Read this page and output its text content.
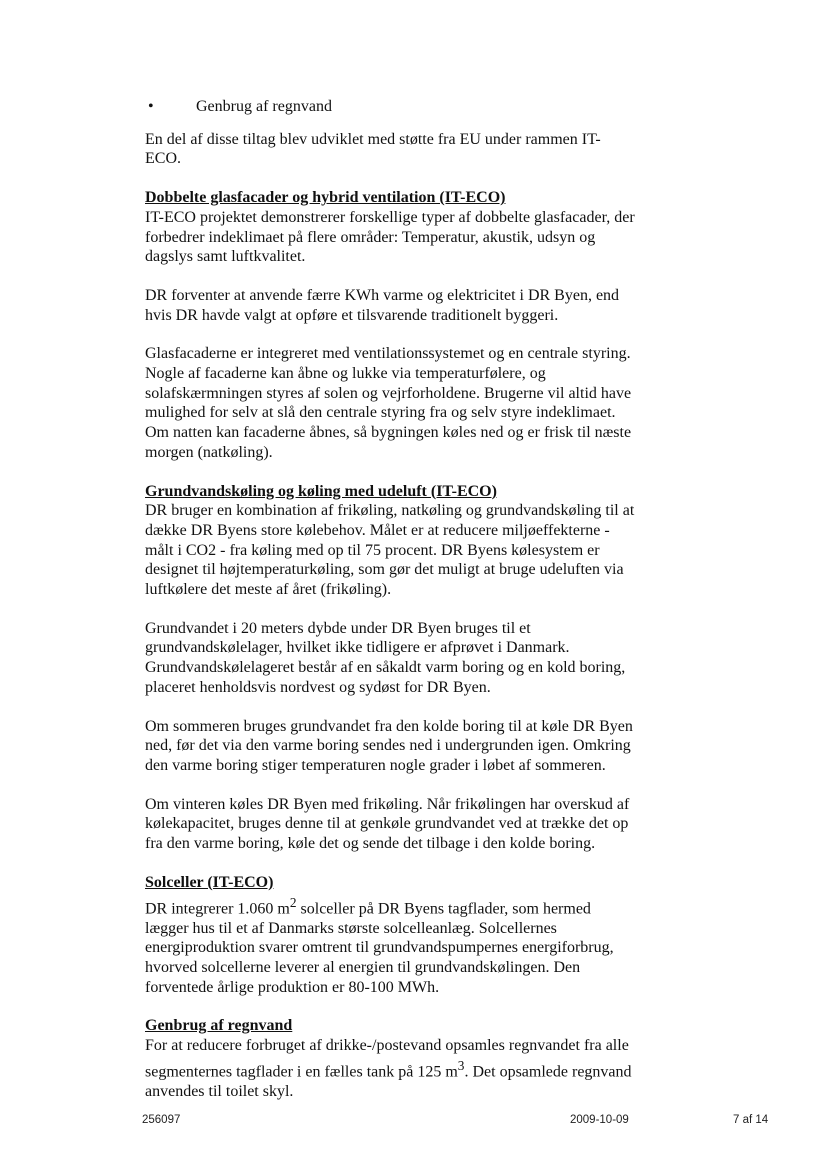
•	Genbrug af regnvand

En del af disse tiltag blev udviklet med støtte fra EU under rammen IT-ECO.

Dobbelte glasfacader og hybrid ventilation (IT-ECO)

IT-ECO projektet demonstrerer forskellige typer af dobbelte glasfacader, der forbedrer indeklimaet på flere områder: Temperatur, akustik, udsyn og dagslys samt luftkvalitet.

DR forventer at anvende færre KWh varme og elektricitet i DR Byen, end hvis DR havde valgt at opføre et tilsvarende traditionelt byggeri.

Glasfacaderne er integreret med ventilationssystemet og en centrale styring. Nogle af facaderne kan åbne og lukke via temperaturfølere, og solafskærmningen styres af solen og vejrforholdene. Brugerne vil altid have mulighed for selv at slå den centrale styring fra og selv styre indeklimaet. Om natten kan facaderne åbnes, så bygningen køles ned og er frisk til næste morgen (natkøling).

Grundvandskøling og køling med udeluft (IT-ECO)

DR bruger en kombination af frikøling, natkøling og grundvandskøling til at dække DR Byens store kølebehov. Målet er at reducere miljøeffekterne - målt i CO2 - fra køling med op til 75 procent. DR Byens kølesystem er designet til højtemperaturkøling, som gør det muligt at bruge udeluften via luftkølere det meste af året (frikøling).

Grundvandet i 20 meters dybde under DR Byen bruges til et grundvandskølelager, hvilket ikke tidligere er afprøvet i Danmark. Grundvandskølelageret består af en såkaldt varm boring og en kold boring, placeret henholdsvis nordvest og sydøst for DR Byen.

Om sommeren bruges grundvandet fra den kolde boring til at køle DR Byen ned, før det via den varme boring sendes ned i undergrunden igen. Omkring den varme boring stiger temperaturen nogle grader i løbet af sommeren.

Om vinteren køles DR Byen med frikøling. Når frikølingen har overskud af kølekapacitet, bruges denne til at genkøle grundvandet ved at trække det op fra den varme boring, køle det og sende det tilbage i den kolde boring.

Solceller (IT-ECO)

DR integrerer 1.060 $m^2$ solceller på DR Byens tagflader, som hermed lægger hus til et af Danmarks største solcelleanlæg. Solcellernes energiproduktion svarer omtrent til grundvandspumpernes energiforbrug, hvorved solcellerne leverer al energien til grundvandskølingen. Den forventede årlige produktion er 80-100 MWh.

Genbrug af regnvand

For at reducere forbruget af drikke-/postevand opsamles regnvandet fra alle segmenternes tagflader i en fælles tank på 125 $m^3$. Det opsamlede regnvand anvendes til toilet skyl.

256097	2009-10-09	7 af 14
